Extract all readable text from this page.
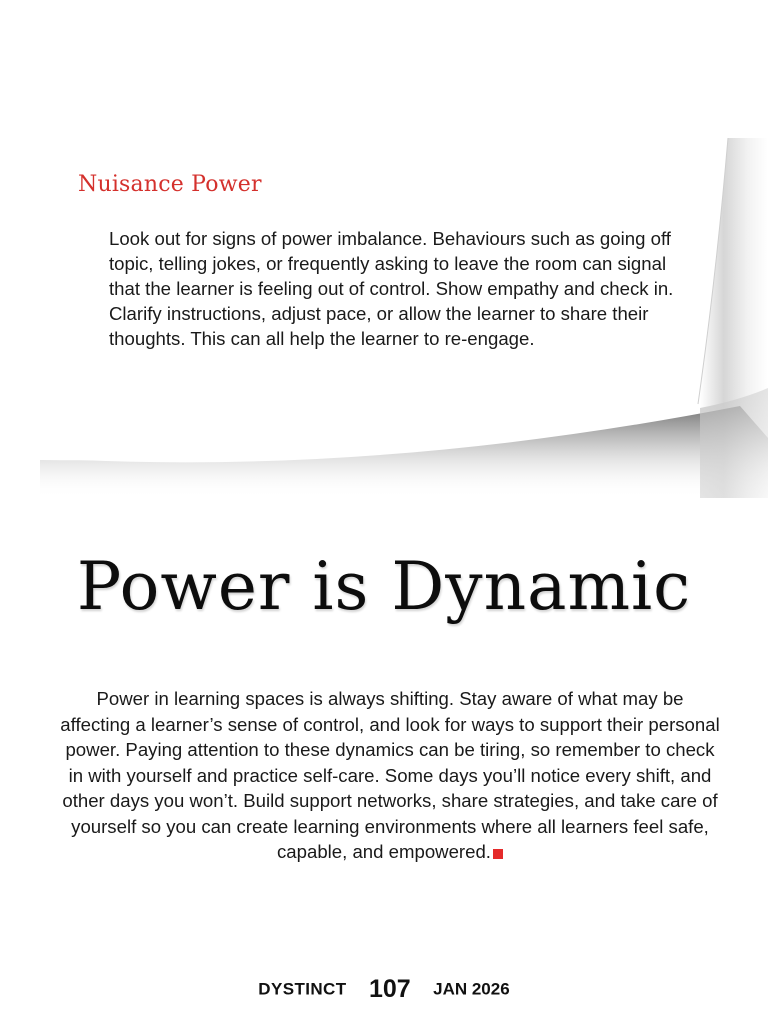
Nuisance Power

Look out for signs of power imbalance. Behaviours such as going off topic, telling jokes, or frequently asking to leave the room can signal that the learner is feeling out of control. Show empathy and check in. Clarify instructions, adjust pace, or allow the learner to share their thoughts. This can all help the learner to re-engage.

Power is Dynamic

Power in learning spaces is always shifting. Stay aware of what may be affecting a learner’s sense of control, and look for ways to support their personal power. Paying attention to these dynamics can be tiring, so remember to check in with yourself and practice self-care. Some days you’ll notice every shift, and other days you won’t. Build support networks, share strategies, and take care of yourself so you can create learning environments where all learners feel safe, capable, and empowered.

DYSTINCT 107 JAN 2026
